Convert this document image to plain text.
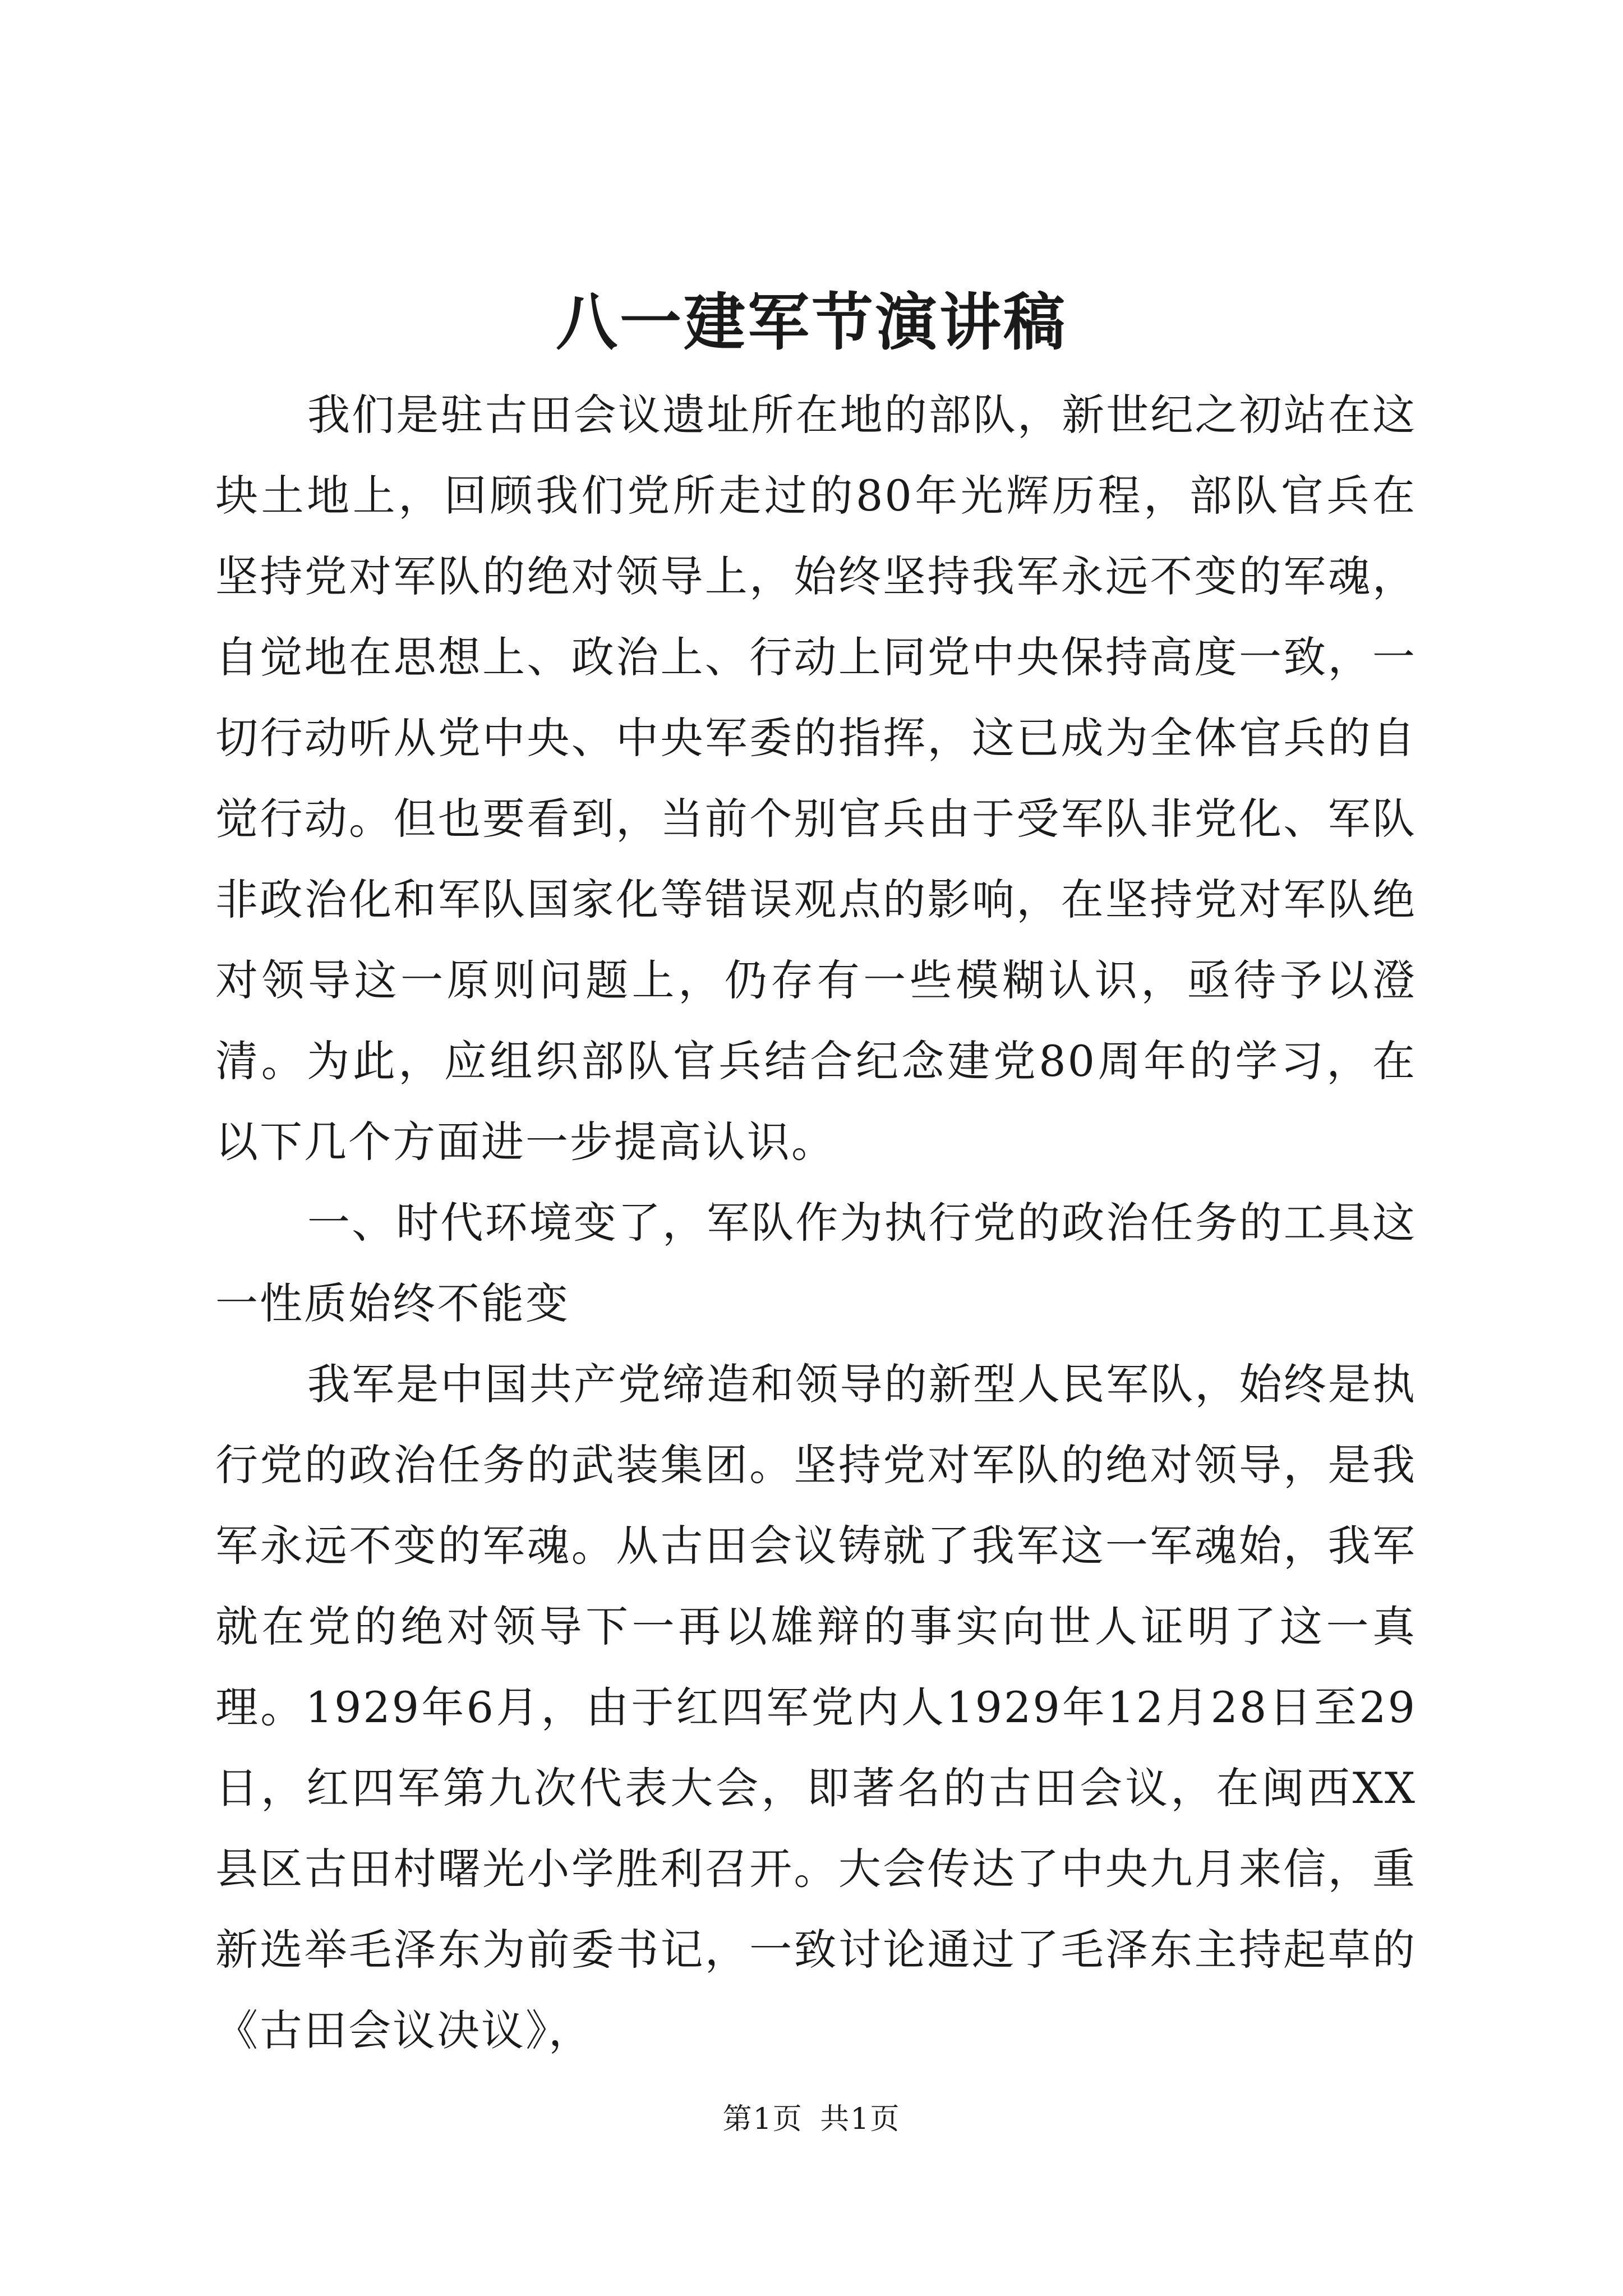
八一建军节演讲稿

我们是驻古田会议遗址所在地的部队，新世纪之初站在这块土地上，回顾我们党所走过的80年光辉历程，部队官兵在坚持党对军队的绝对领导上，始终坚持我军永远不变的军魂，自觉地在思想上、政治上、行动上同党中央保持高度一致，一切行动听从党中央、中央军委的指挥，这已成为全体官兵的自觉行动。但也要看到，当前个别官兵由于受军队非党化、军队非政治化和军队国家化等错误观点的影响，在坚持党对军队绝对领导这一原则问题上，仍存有一些模糊认识，亟待予以澄清。为此，应组织部队官兵结合纪念建党80周年的学习，在以下几个方面进一步提高认识。

一、时代环境变了，军队作为执行党的政治任务的工具这一性质始终不能变

我军是中国共产党缔造和领导的新型人民军队，始终是执行党的政治任务的武装集团。坚持党对军队的绝对领导，是我军永远不变的军魂。从古田会议铸就了我军这一军魂始，我军就在党的绝对领导下一再以雄辩的事实向世人证明了这一真理。1929年6月，由于红四军党内人1929年12月28日至29日，红四军第九次代表大会，即著名的古田会议，在闽西XX县区古田村曙光小学胜利召开。大会传达了中央九月来信，重新选举毛泽东为前委书记，一致讨论通过了毛泽东主持起草的《古田会议决议》，

第1页 共1页
